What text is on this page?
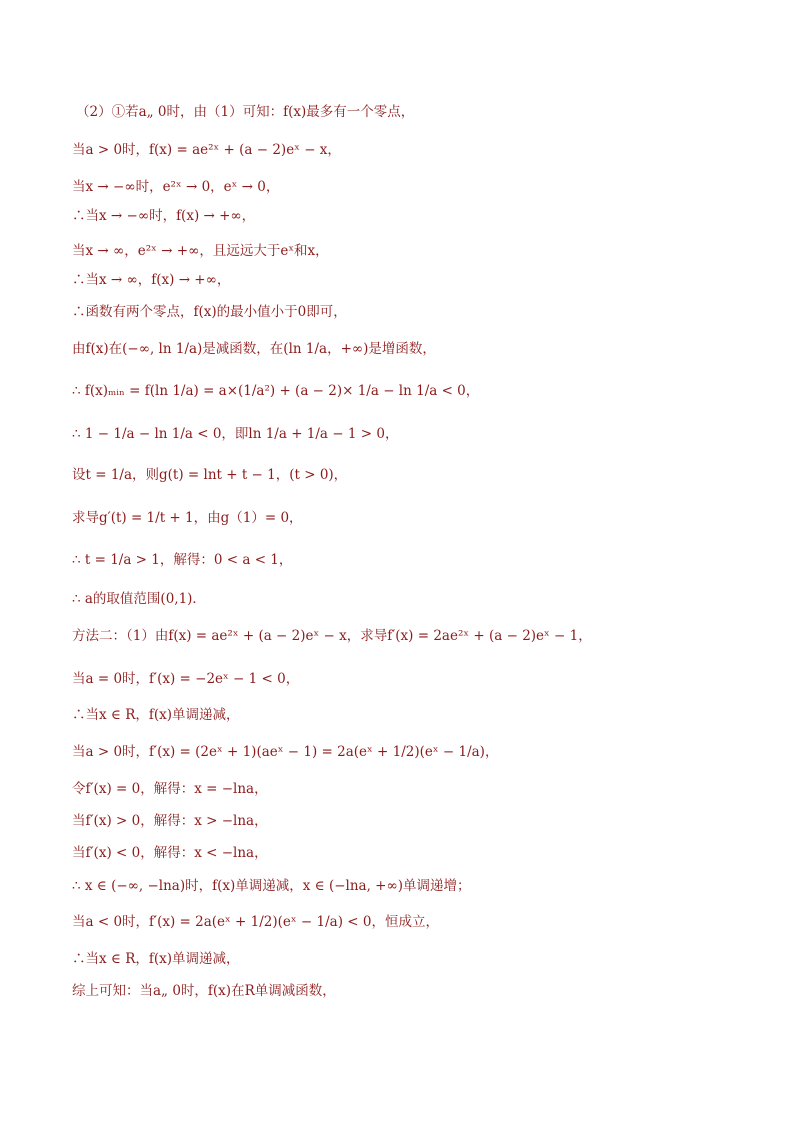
（2）①若a„ 0时，由（1）可知：f(x)最多有一个零点，
当a > 0时，f(x) = ae²ˣ + (a − 2)eˣ − x，
当x → −∞时，e²ˣ → 0，eˣ → 0，
∴当x → −∞时，f(x) → +∞，
当x → ∞，e²ˣ → +∞，且远远大于eˣ和x，
∴当x → ∞，f(x) → +∞，
∴函数有两个零点，f(x)的最小值小于0即可，
由f(x)在(−∞, ln 1/a)是减函数，在(ln 1/a，+∞)是增函数，
∴ f(x)ₘᵢₙ = f(ln 1/a) = a×(1/a²) + (a − 2)× 1/a − ln 1/a < 0，
∴ 1 − 1/a − ln 1/a < 0，即ln 1/a + 1/a − 1 > 0，
设t = 1/a，则g(t) = lnt + t − 1，(t > 0)，
求导g′(t) = 1/t + 1，由g（1）= 0，
∴ t = 1/a > 1，解得：0 < a < 1，
∴ a的取值范围(0,1)．
方法二：（1）由f(x) = ae²ˣ + (a − 2)eˣ − x，求导f′(x) = 2ae²ˣ + (a − 2)eˣ − 1，
当a = 0时，f′(x) = −2eˣ − 1 < 0，
∴当x ∈ R，f(x)单调递减，
当a > 0时，f′(x) = (2eˣ + 1)(aeˣ − 1) = 2a(eˣ + 1/2)(eˣ − 1/a)，
令f′(x) = 0，解得：x = −lna，
当f′(x) > 0，解得：x > −lna，
当f′(x) < 0，解得：x < −lna，
∴ x ∈ (−∞, −lna)时，f(x)单调递减，x ∈ (−lna, +∞)单调递增；
当a < 0时，f′(x) = 2a(eˣ + 1/2)(eˣ − 1/a) < 0，恒成立，
∴当x ∈ R，f(x)单调递减，
综上可知：当a„ 0时，f(x)在R单调减函数，
